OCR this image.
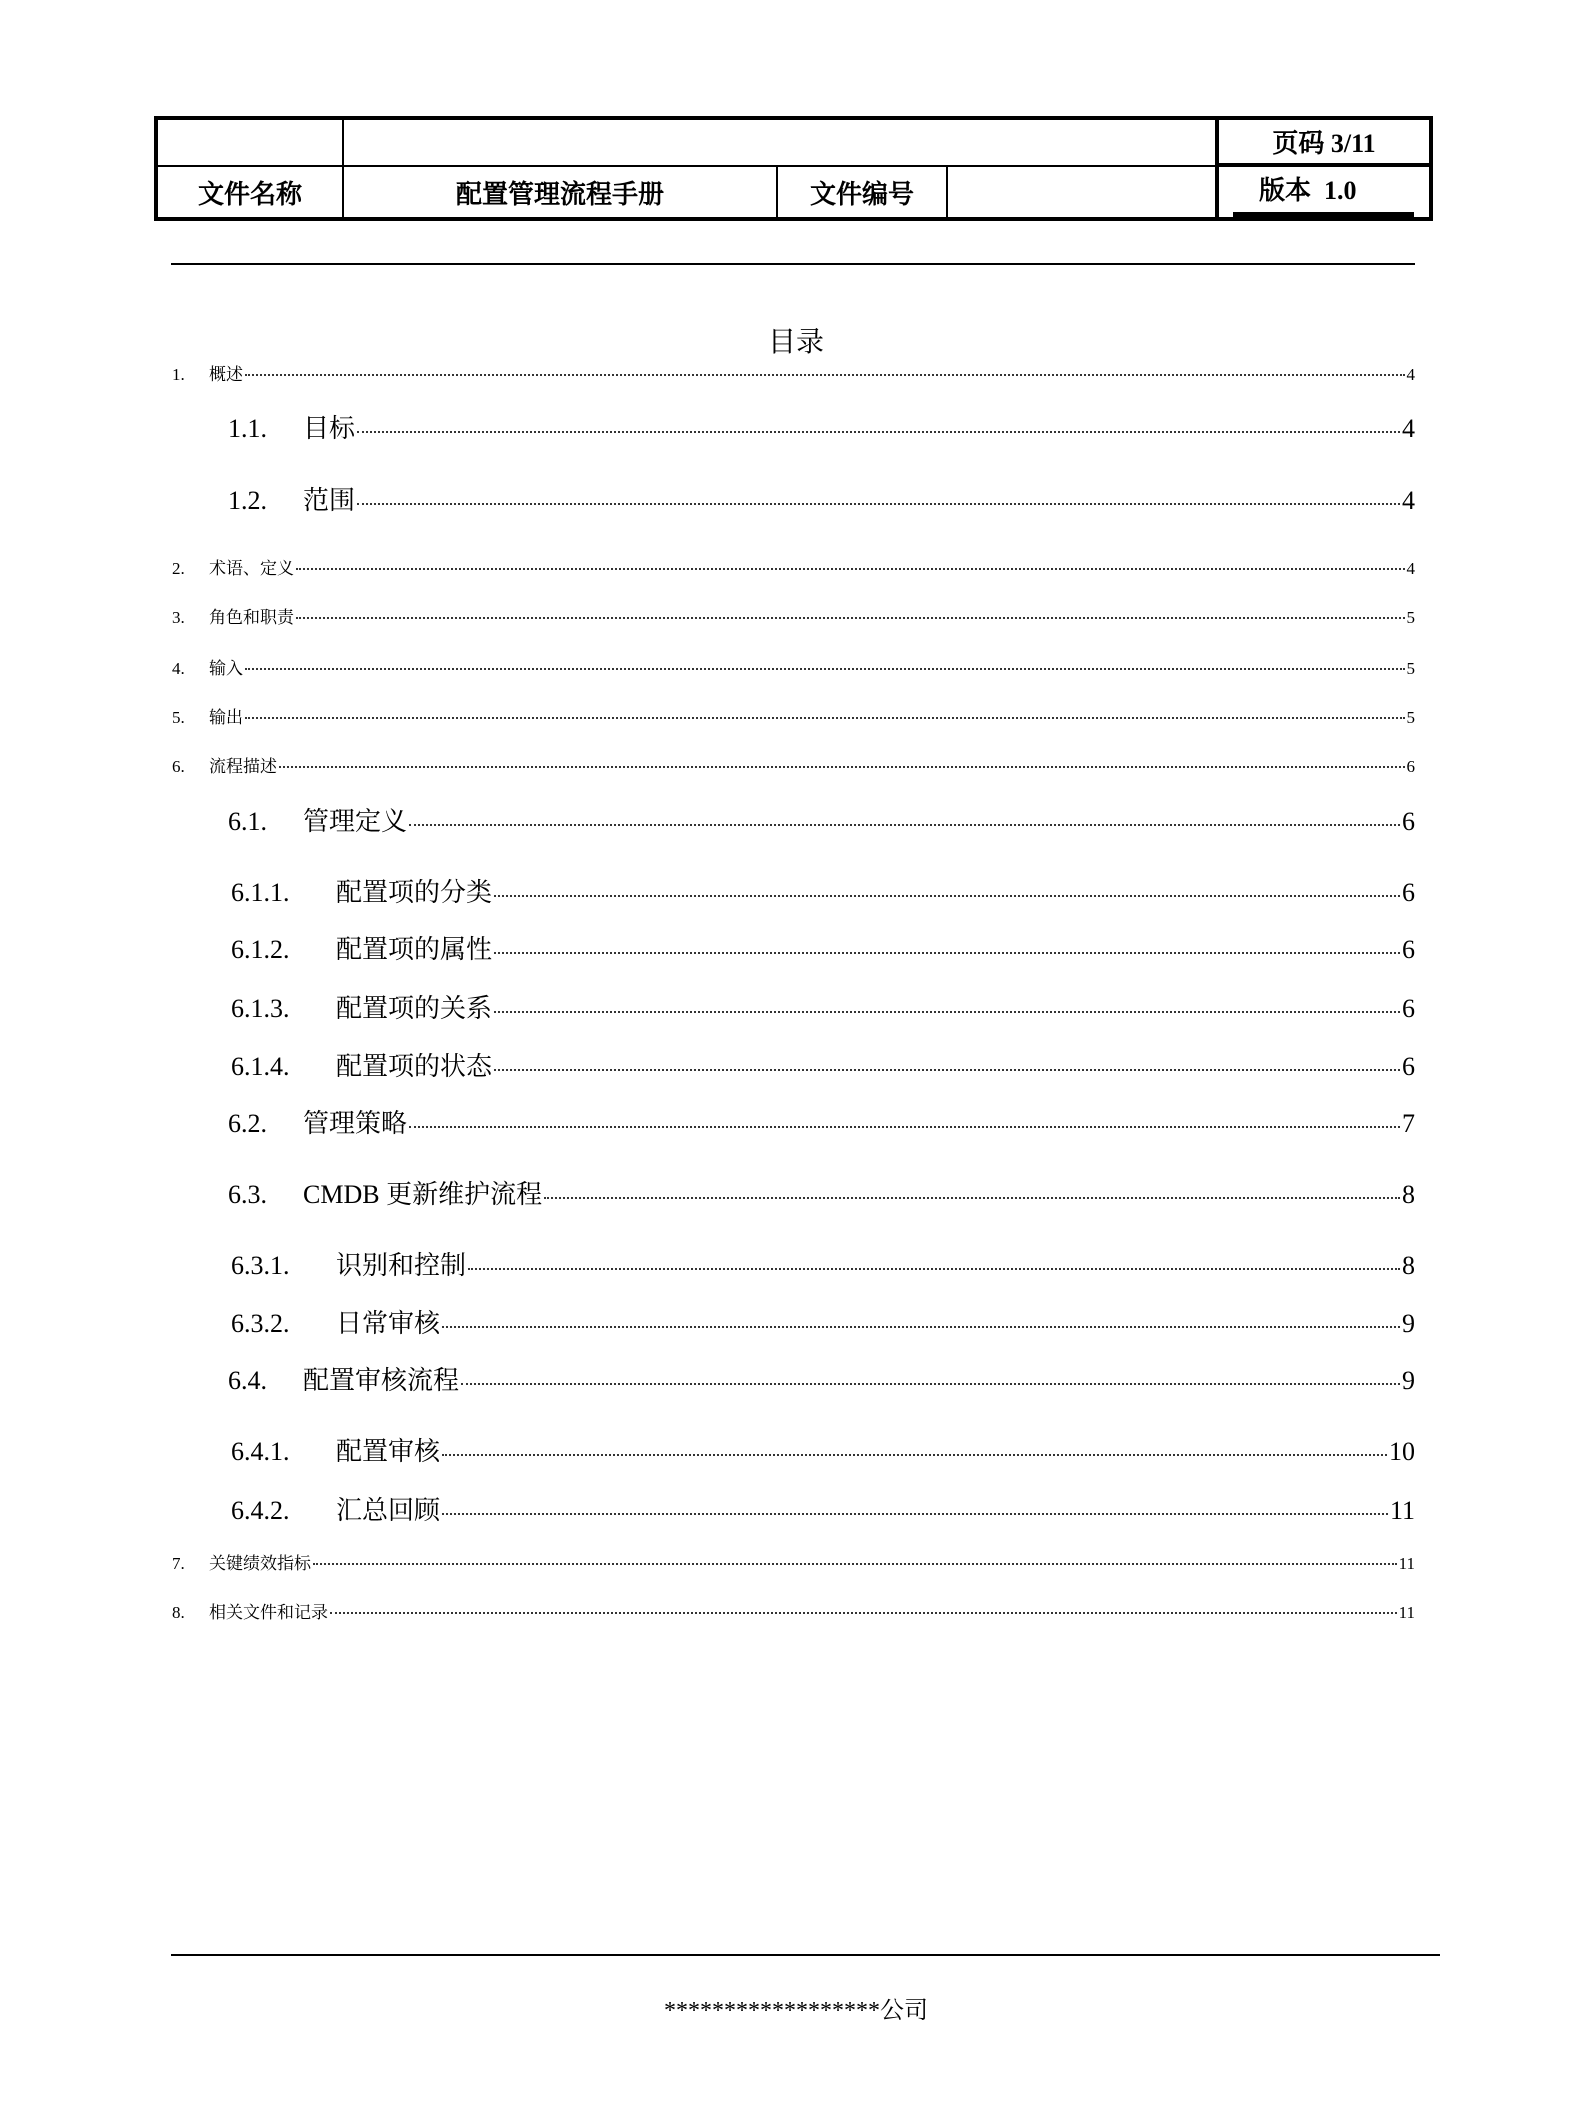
页码 3/11
文件名称	配置管理流程手册	文件编号	版本  1.0
目录
1.	概述	4
1.1.	目标	4
1.2.	范围	4
2.	术语、定义	4
3.	角色和职责	5
4.	输入	5
5.	输出	5
6.	流程描述	6
6.1.	管理定义	6
6.1.1.	配置项的分类	6
6.1.2.	配置项的属性	6
6.1.3.	配置项的关系	6
6.1.4.	配置项的状态	6
6.2.	管理策略	7
6.3.	CMDB 更新维护流程	8
6.3.1.	识别和控制	8
6.3.2.	日常审核	9
6.4.	配置审核流程	9
6.4.1.	配置审核	10
6.4.2.	汇总回顾	11
7.	关键绩效指标	11
8.	相关文件和记录	11
******************公司
